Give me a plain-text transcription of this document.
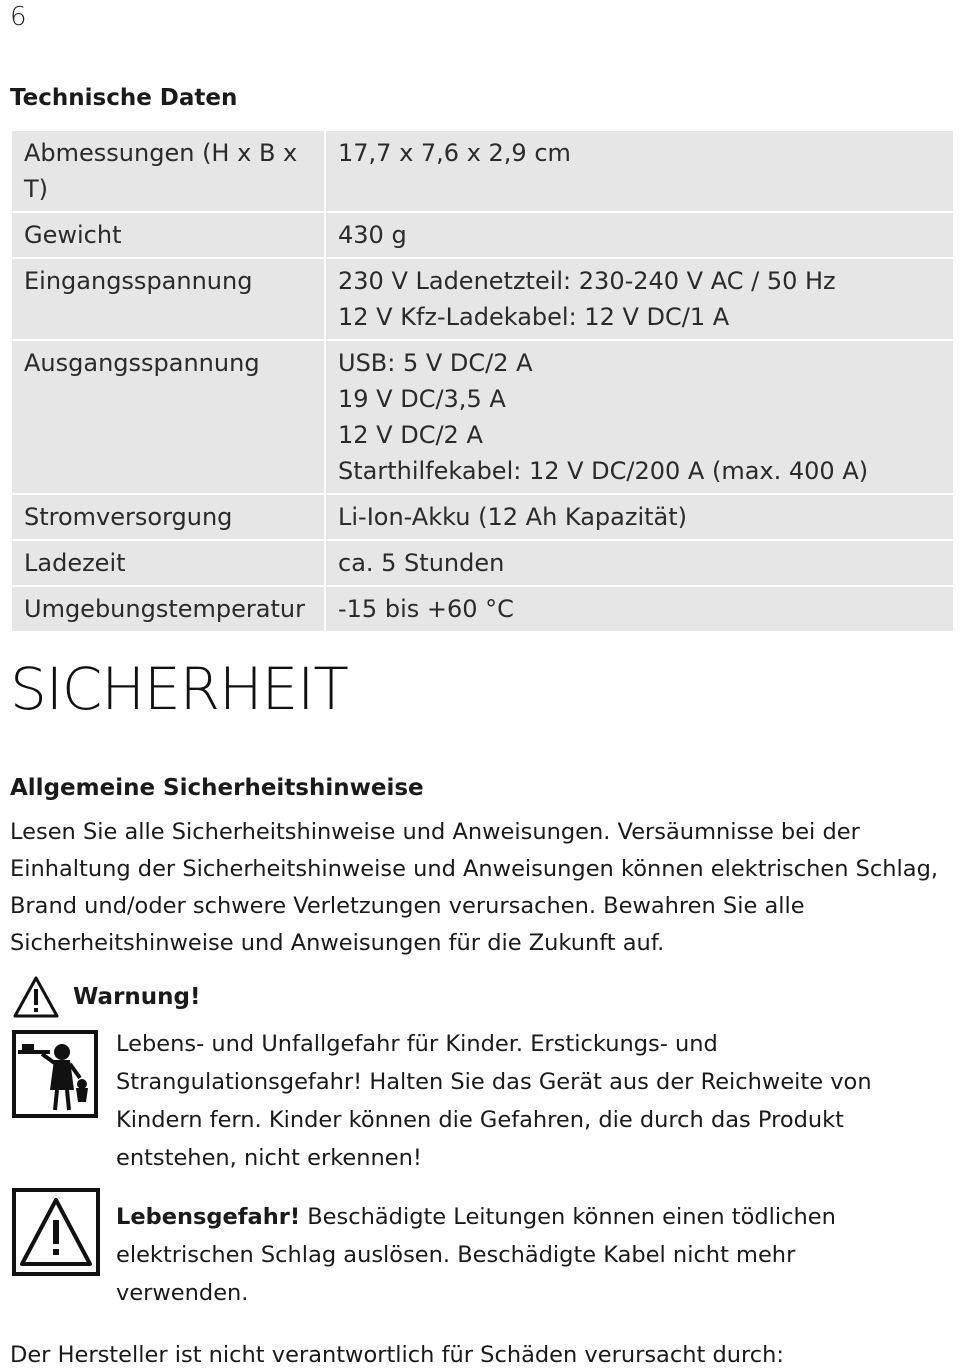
6
Technische Daten
Abmessungen (H x B x T)	17,7 x 7,6 x 2,9 cm

Gewicht	430 g

Eingangsspannung	230 V Ladenetzteil: 230-240 V AC / 50 Hz
12 V Kfz-Ladekabel: 12 V DC/1 A

Ausgangsspannung	USB: 5 V DC/2 A
19 V DC/3,5 A
12 V DC/2 A
Starthilfekabel: 12 V DC/200 A (max. 400 A)

Stromversorgung	Li-Ion-Akku (12 Ah Kapazität)

Ladezeit	ca. 5 Stunden

Umgebungstemperatur	-15 bis +60 °C
SICHERHEIT
Allgemeine Sicherheitshinweise

Lesen Sie alle Sicherheitshinweise und Anweisungen. Versäumnisse bei der Einhaltung der Sicherheitshinweise und Anweisungen können elektrischen Schlag, Brand und/oder schwere Verletzungen verursachen. Bewahren Sie alle Sicherheitshinweise und Anweisungen für die Zukunft auf.

Warnung!

Lebens- und Unfallgefahr für Kinder. Erstickungs- und Strangulationsgefahr! Halten Sie das Gerät aus der Reichweite von Kindern fern. Kinder können die Gefahren, die durch das Produkt entstehen, nicht erkennen!

Lebensgefahr! Beschädigte Leitungen können einen tödlichen elektrischen Schlag auslösen. Beschädigte Kabel nicht mehr verwenden.

Der Hersteller ist nicht verantwortlich für Schäden verursacht durch:
